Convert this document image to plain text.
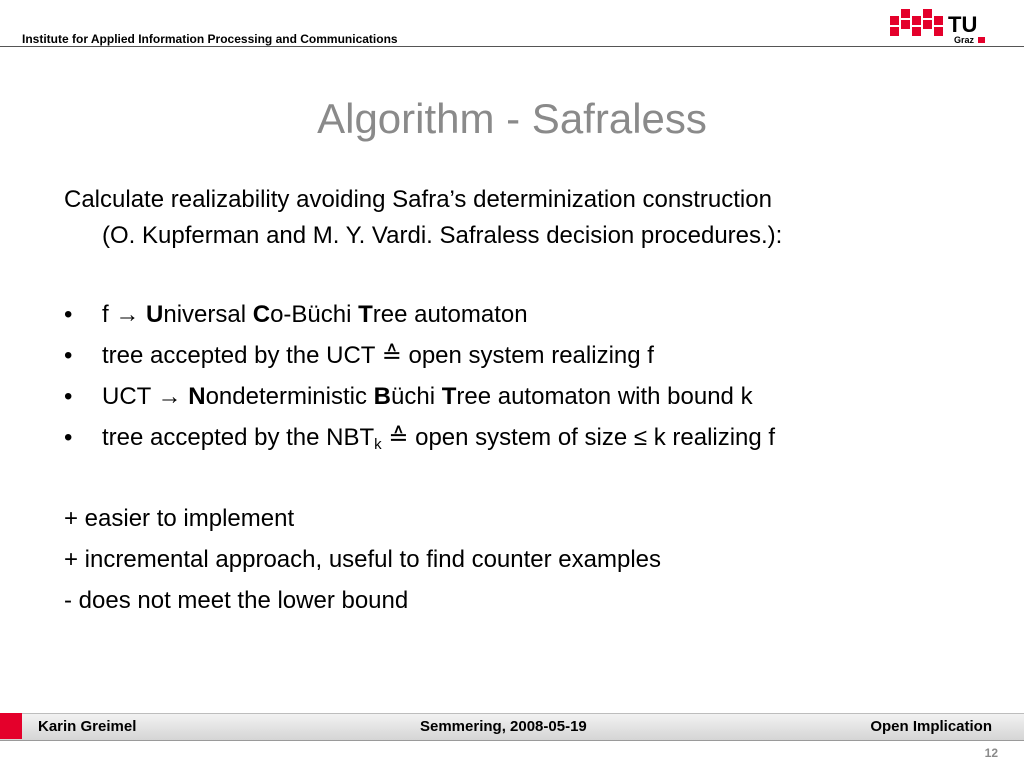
Institute for Applied Information Processing and Communications
TU
Graz
Algorithm - Safraless
Calculate realizability avoiding Safra’s determinization construction
(O. Kupferman and M. Y. Vardi. Safraless decision procedures.):
• f → Universal Co-Büchi Tree automaton
• tree accepted by the UCT ≙ open system realizing f
• UCT → Nondeterministic Büchi Tree automaton with bound k
• tree accepted by the $NBT_k$ ≙ open system of size ≤ k realizing f
+ easier to implement
+ incremental approach, useful to find counter examples
- does not meet the lower bound
Karin Greimel	Semmering, 2008-05-19	Open Implication
12
